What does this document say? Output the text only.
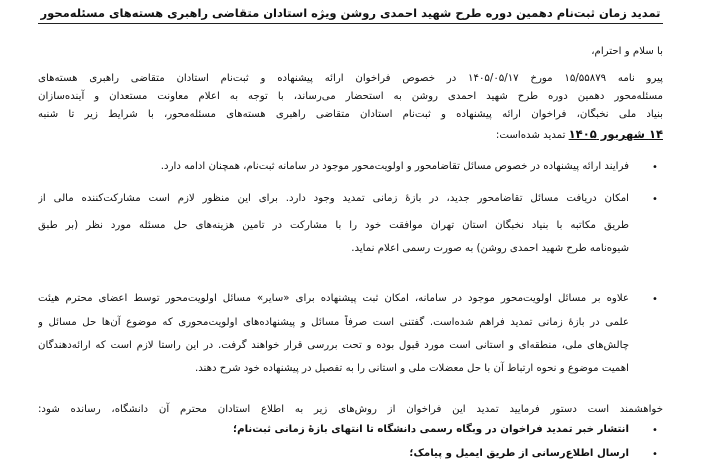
تمدید زمان ثبت‌نام دهمین دوره طرح شهید احمدی روشن ویژه استادان متقاضی راهبری هسته‌های مسئله‌محور
با سلام و احترام،
پیرو نامه ۱۵/۵۵۸۷۹ مورخ ۱۴۰۵/۰۵/۱۷ در خصوص فراخوان ارائه پیشنهاده و ثبت‌نام استادان متقاضی راهبری هسته‌های
مسئله‌محور دهمین دوره طرح شهید احمدی روشن به استحضار می‌رساند، با توجه به اعلام معاونت مستعدان و آینده‌سازان
بنیاد ملی نخبگان، فراخوان ارائه پیشنهاده و ثبت‌نام استادان متقاضی راهبری هسته‌های مسئله‌محور، با شرایط زیر تا شنبه
۱۴ شهریور ۱۴۰۵ تمدید شده‌است:
•
فرایند ارائه پیشنهاده در خصوص مسائل تقاضامحور و اولویت‌محور موجود در سامانه ثبت‌نام، همچنان ادامه دارد.
•
امکان دریافت مسائل تقاضامحور جدید، در بازهٔ زمانی تمدید وجود دارد. برای این منظور لازم است مشارکت‌کننده مالی از
طریق مکاتبه با بنیاد نخبگان استان تهران موافقت خود را با مشارکت در تامین هزینه‌های حل مسئله مورد نظر (بر طبق
شیوه‌نامه طرح شهید احمدی روشن) به صورت رسمی اعلام نماید.
•
علاوه بر مسائل اولویت‌محور موجود در سامانه، امکان ثبت پیشنهاده برای «سایر» مسائل اولویت‌محور توسط اعضای محترم هیئت
علمی در بازهٔ زمانی تمدید فراهم شده‌است. گفتنی است صرفاً مسائل و پیشنهاده‌های اولویت‌محوری که موضوع آن‌ها حل مسائل و
چالش‌های ملی، منطقه‌ای و استانی است مورد قبول بوده و تحت بررسی قرار خواهند گرفت. در این راستا لازم است که ارائه‌دهندگان
اهمیت موضوع و نحوه ارتباط آن با حل معضلات ملی و استانی را به تفصیل در پیشنهاده خود شرح دهند.
خواهشمند است دستور فرمایید تمدید این فراخوان از روش‌های زیر به اطلاع استادان محترم آن دانشگاه، رسانده شود:
•
انتشار خبر تمدید فراخوان در وبگاه رسمی دانشگاه تا انتهای بازهٔ زمانی ثبت‌نام؛
•
ارسال اطلاع‌رسانی از طریق ایمیل و پیامک؛
